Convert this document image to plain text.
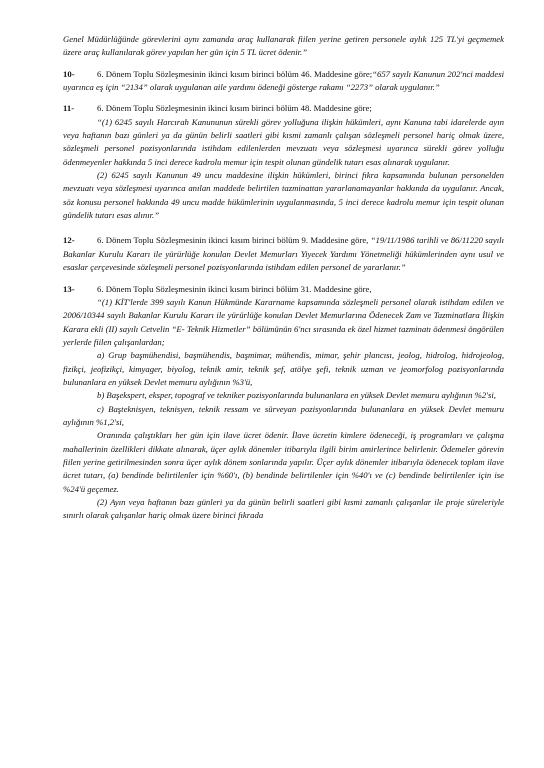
Genel Müdürlüğünde görevlerini aynı zamanda araç kullanarak fiilen yerine getiren personele aylık 125 TL'yi geçmemek üzere araç kullanılarak görev yapılan her gün için 5 TL ücret ödenir.”

10-	6. Dönem Toplu Sözleşmesinin ikinci kısım birinci bölüm 46. Maddesine göre;“657 sayılı Kanunun 202'nci maddesi uyarınca eş için “2134” olarak uygulanan aile yardımı ödeneği gösterge rakamı “2273” olarak uygulanır.”

11-	6. Dönem Toplu Sözleşmesinin ikinci kısım birinci bölüm 48. Maddesine göre;

“(1) 6245 sayılı Harcırah Kanununun sürekli görev yolluğuna ilişkin hükümleri, aynı Kanuna tabi idarelerde ayın veya haftanın bazı günleri ya da günün belirli saatleri gibi kısmi zamanlı çalışan sözleşmeli personel hariç olmak üzere, sözleşmeli personel pozisyonlarında istihdam edilenlerden mevzuatı veya sözleşmesi uyarınca sürekli görev yolluğu ödenmeyenler hakkında 5 inci derece kadrolu memur için tespit olunan gündelik tutarı esas alınarak uygulanır.

(2) 6245 sayılı Kanunun 49 uncu maddesine ilişkin hükümleri, birinci fıkra kapsamında bulunan personelden mevzuatı veya sözleşmesi uyarınca anılan maddede belirtilen tazminattan yararlanamayanlar hakkında da uygulanır. Ancak, söz konusu personel hakkında 49 uncu madde hükümlerinin uygulanmasında, 5 inci derece kadrolu memur için tespit olunan gündelik tutarı esas alınır.”

12-	6. Dönem Toplu Sözleşmesinin ikinci kısım birinci bölüm 9. Maddesine göre, “19/11/1986 tarihli ve 86/11220 sayılı Bakanlar Kurulu Kararı ile yürürlüğe konulan Devlet Memurları Yiyecek Yardımı Yönetmeliği hükümlerinden aynı usul ve esaslar çerçevesinde sözleşmeli personel pozisyonlarında istihdam edilen personel de yararlanır.”

13-	6. Dönem Toplu Sözleşmesinin ikinci kısım birinci bölüm 31. Maddesine göre,

“(1) KİT'lerde 399 sayılı Kanun Hükmünde Kararname kapsamında sözleşmeli personel olarak istihdam edilen ve 2006/10344 sayılı Bakanlar Kurulu Kararı ile yürürlüğe konulan Devlet Memurlarına Ödenecek Zam ve Tazminatlara İlişkin Karara ekli (II) sayılı Cetvelin “E- Teknik Hizmetler” bölümünün 6'ncı sırasında ek özel hizmet tazminatı ödenmesi öngörülen yerlerde fiilen çalışanlardan;

a) Grup başmühendisi, başmühendis, başmimar, mühendis, mimar, şehir plancısı, jeolog, hidrolog, hidrojeolog, fizikçi, jeofizikçi, kimyager, biyolog, teknik amir, teknik şef, atölye şefi, teknik uzman ve jeomorfolog pozisyonlarında bulunanlara en yüksek Devlet memuru aylığının %3'ü,

b) Başekspert, eksper, topograf ve tekniker pozisyonlarında bulunanlara en yüksek Devlet memuru aylığının %2'si,

c) Başteknisyen, teknisyen, teknik ressam ve sürveyan pozisyonlarında bulunanlara en yüksek Devlet memuru aylığının %1,2'si,

Oranında çalıştıkları her gün için ilave ücret ödenir. İlave ücretin kimlere ödeneceği, iş programları ve çalışma mahallerinin özellikleri dikkate alınarak, üçer aylık dönemler itibarıyla ilgili birim amirlerince belirlenir. Ödemeler görevin fiilen yerine getirilmesinden sonra üçer aylık dönem sonlarında yapılır. Üçer aylık dönemler itibarıyla ödenecek toplam ilave ücret tutarı, (a) bendinde belirtilenler için %60'ı, (b) bendinde belirtilenler için %40'ı ve (c) bendinde belirtilenler için ise %24'ü geçemez.

(2) Ayın veya haftanın bazı günleri ya da günün belirli saatleri gibi kısmi zamanlı çalışanlar ile proje süreleriyle sınırlı olarak çalışanlar hariç olmak üzere birinci fıkrada
